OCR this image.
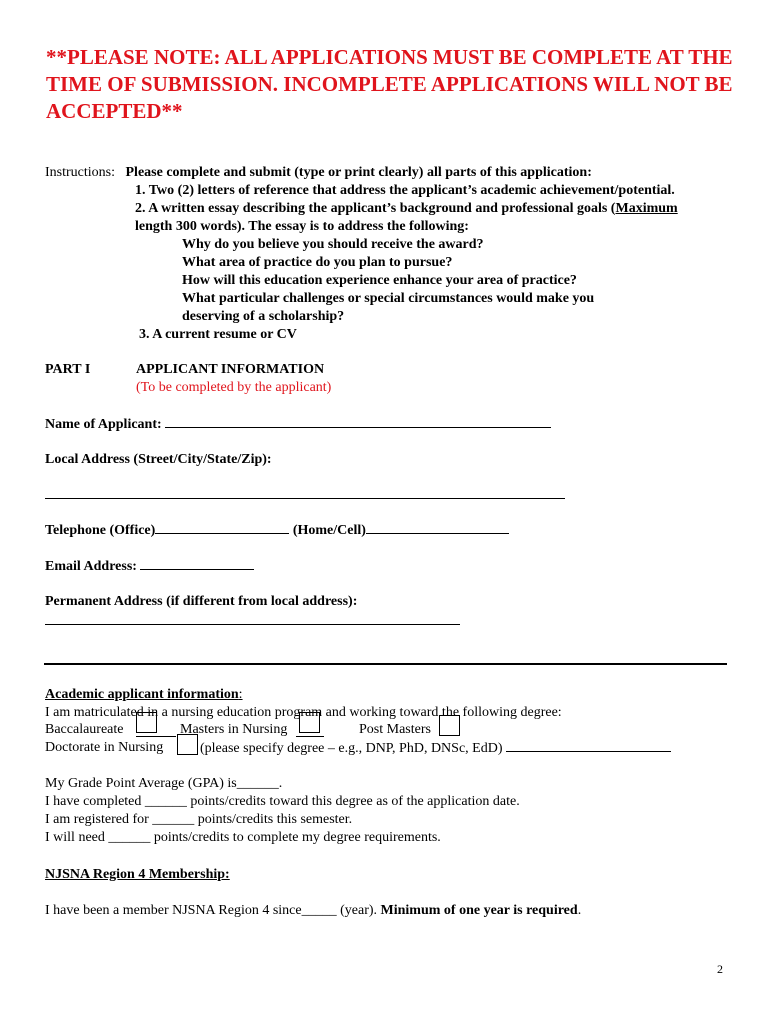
**PLEASE NOTE: ALL APPLICATIONS MUST BE COMPLETE AT THE TIME OF SUBMISSION. INCOMPLETE APPLICATIONS WILL NOT BE ACCEPTED**
Instructions:   Please complete and submit (type or print clearly) all parts of this application:
1. Two (2) letters of reference that address the applicant’s academic achievement/potential.
2. A written essay describing the applicant’s background and professional goals (Maximum
length 300 words). The essay is to address the following:
Why do you believe you should receive the award?
What area of practice do you plan to pursue?
How will this education experience enhance your area of practice?
What particular challenges or special circumstances would make you
deserving of a scholarship?
3. A current resume or CV
PART I	APPLICANT INFORMATION
(To be completed by the applicant)
Name of Applicant:
Local Address (Street/City/State/Zip):
Telephone (Office)	(Home/Cell)
Email Address:
Permanent Address (if different from local address):
Academic applicant information:
I am matriculated in a nursing education program and working toward the following degree:
Baccalaureate	Masters in Nursing	Post Masters
Doctorate in Nursing	(please specify degree – e.g., DNP, PhD, DNSc, EdD)
My Grade Point Average (GPA) is______.
I have completed ______ points/credits toward this degree as of the application date.
I am registered for ______ points/credits this semester.
I will need ______ points/credits to complete my degree requirements.
NJSNA Region 4 Membership:
I have been a member NJSNA Region 4 since_____ (year). Minimum of one year is required.
2
